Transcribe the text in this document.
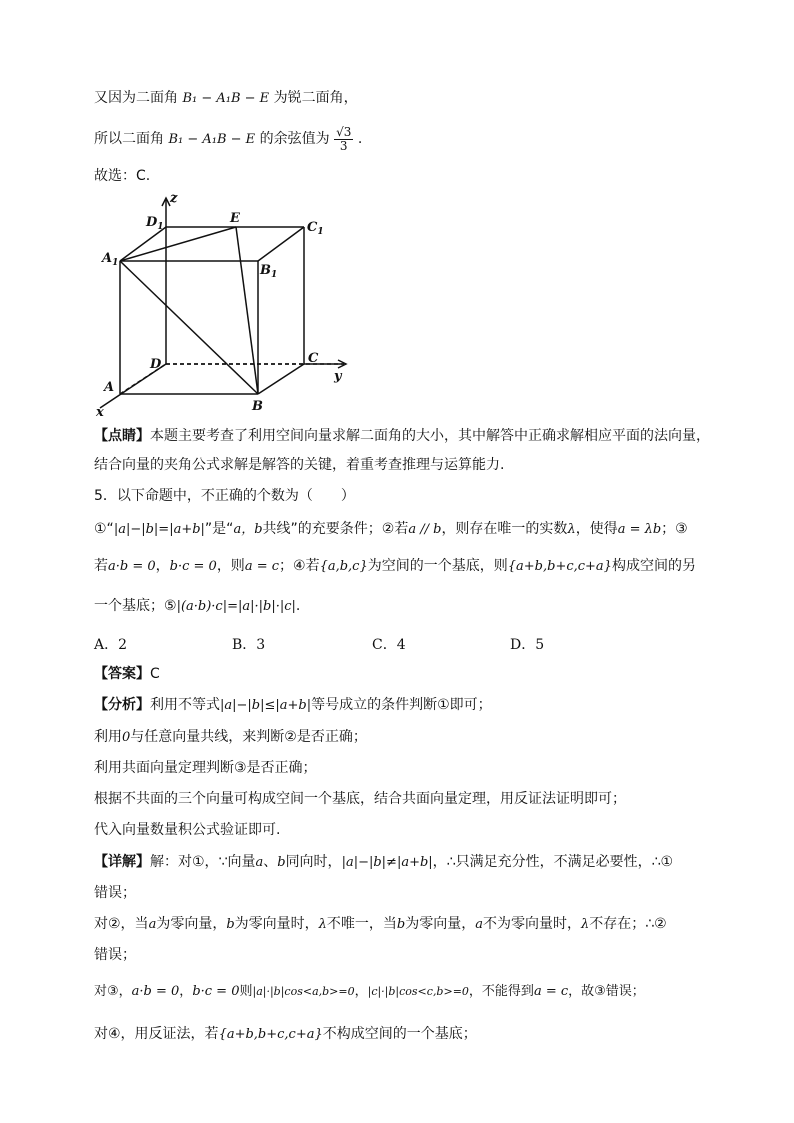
又因为二面角 B₁ − A₁B − E 为锐二面角，
所以二面角 B₁ − A₁B − E 的余弦值为 $\frac{√3}{3}$ .
故选：C.
z
y
x
$D_1$
E
$C_1$
$A_1$	$B_1$
D	C
A
B
【点睛】本题主要考查了利用空间向量求解二面角的大小，其中解答中正确求解相应平面的法向量，
结合向量的夹角公式求解是解答的关键，着重考查推理与运算能力.
5．以下命题中，不正确的个数为（　　）
①“|a|−|b|=|a+b|”是“a，b共线”的充要条件；②若a // b，则存在唯一的实数λ，使得a = λb；③
若a·b = 0，b·c = 0，则a = c；④若{a,b,c}为空间的一个基底，则{a+b,b+c,c+a}构成空间的另
一个基底；⑤|(a·b)·c|=|a|·|b|·|c|.
A．2	B．3	C．4	D．5
【答案】C
【分析】利用不等式|a|−|b|≤|a+b|等号成立的条件判断①即可；
利用0与任意向量共线，来判断②是否正确；
利用共面向量定理判断③是否正确；
根据不共面的三个向量可构成空间一个基底，结合共面向量定理，用反证法证明即可；
代入向量数量积公式验证即可.
【详解】解：对①，∵向量a、b同向时，|a|−|b|≠|a+b|，∴只满足充分性，不满足必要性，∴①
错误；
对②，当a为零向量，b为零向量时，λ不唯一，当b为零向量，a不为零向量时，λ不存在；∴②
错误；
对③，a·b = 0，b·c = 0则|a|·|b|cos<a,b>=0，|c|·|b|cos<c,b>=0，不能得到a = c，故③错误；
对④，用反证法，若{a+b,b+c,c+a}不构成空间的一个基底；
